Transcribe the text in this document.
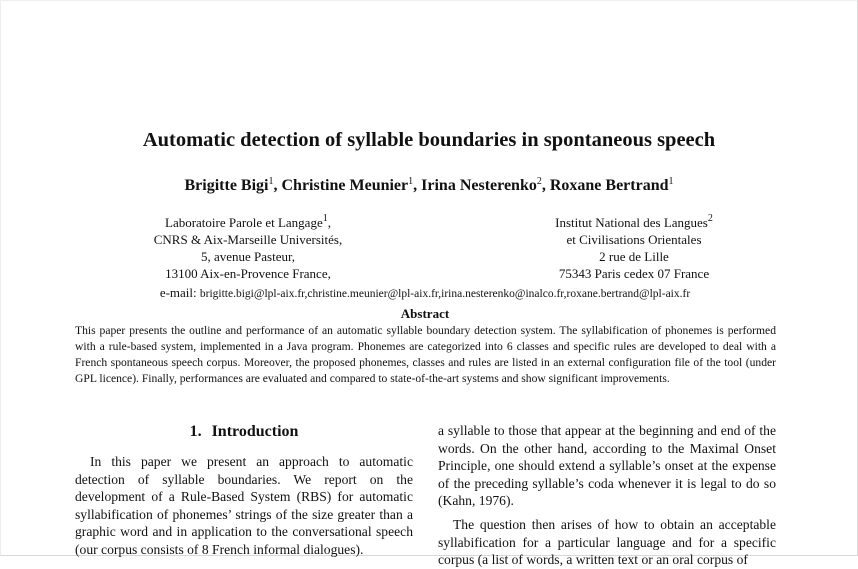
Automatic detection of syllable boundaries in spontaneous speech
Brigitte Bigi$^1$, Christine Meunier$^1$, Irina Nesterenko$^2$, Roxane Bertrand$^1$
Laboratoire Parole et Langage$^1$,
CNRS & Aix-Marseille Universités,
5, avenue Pasteur,
13100 Aix-en-Provence France,
Institut National des Langues$^2$
et Civilisations Orientales
2 rue de Lille
75343 Paris cedex 07 France
e-mail: brigitte.bigi@lpl-aix.fr,christine.meunier@lpl-aix.fr,irina.nesterenko@inalco.fr,roxane.bertrand@lpl-aix.fr
Abstract
This paper presents the outline and performance of an automatic syllable boundary detection system. The syllabification of phonemes is performed with a rule-based system, implemented in a Java program. Phonemes are categorized into 6 classes and specific rules are developed to deal with a French spontaneous speech corpus. Moreover, the proposed phonemes, classes and rules are listed in an external configuration file of the tool (under GPL licence). Finally, performances are evaluated and compared to state-of-the-art systems and show significant improvements.
1. Introduction

In this paper we present an approach to automatic detection of syllable boundaries. We report on the development of a Rule-Based System (RBS) for automatic syllabification of phonemes’ strings of the size greater than a graphic word and in application to the conversational speech (our corpus consists of 8 French informal dialogues).

a syllable to those that appear at the beginning and end of the words. On the other hand, according to the Maximal Onset Principle, one should extend a syllable’s onset at the expense of the preceding syllable’s coda whenever it is legal to do so (Kahn, 1976).

The question then arises of how to obtain an acceptable syllabification for a particular language and for a specific corpus (a list of words, a written text or an oral corpus of
